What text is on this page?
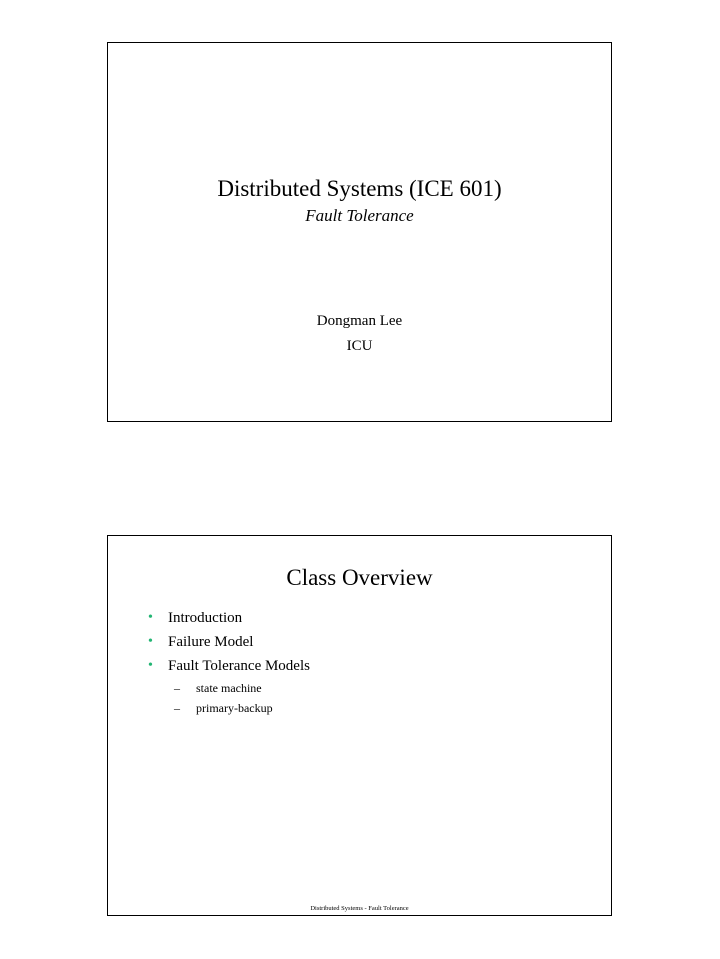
Distributed Systems (ICE 601)
Fault Tolerance
Dongman Lee
ICU
Class Overview
• Introduction
• Failure Model
• Fault Tolerance Models
– state machine
– primary-backup
Distributed Systems - Fault Tolerance
